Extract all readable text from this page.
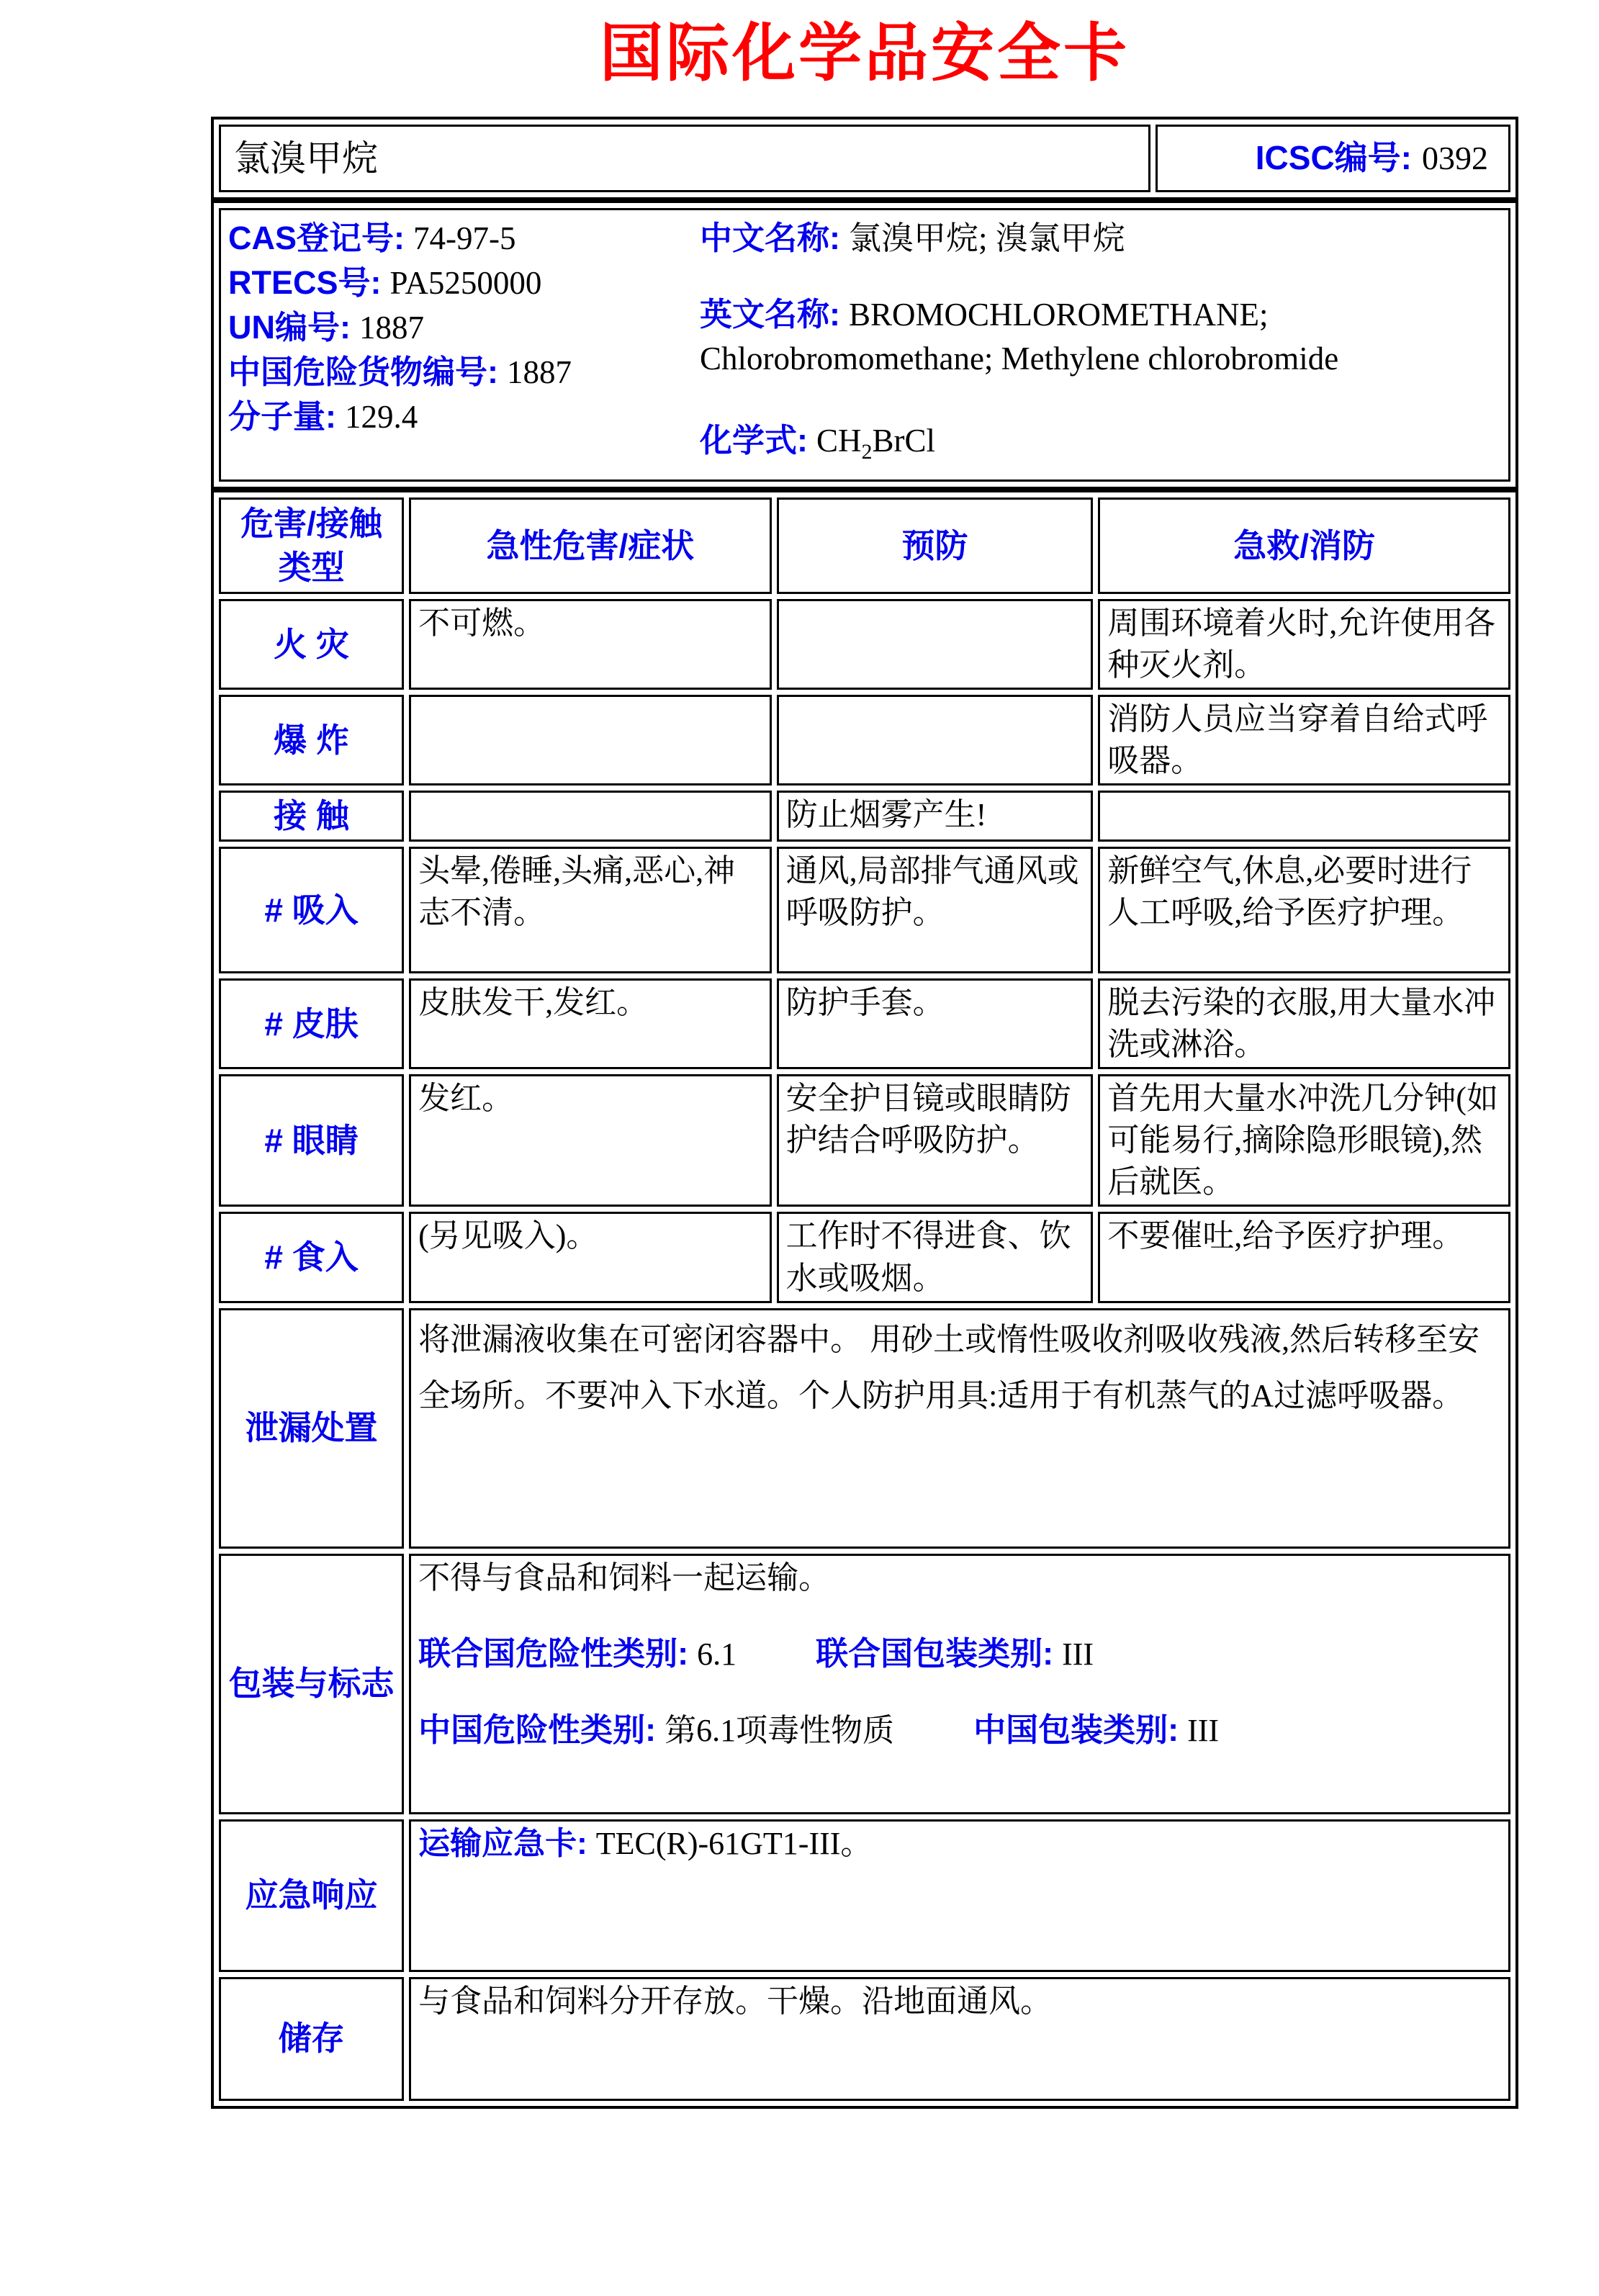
国际化学品安全卡
氯溴甲烷	ICSC编号: 0392
CAS登记号: 74-97-5
RTECS号: PA5250000
UN编号: 1887
中国危险货物编号: 1887
分子量: 129.4
中文名称: 氯溴甲烷; 溴氯甲烷
英文名称: BROMOCHLOROMETHANE;
Chlorobromomethane; Methylene chlorobromide
化学式: $CH_2BrCl$
危害/接触
类型	急性危害/症状	预防	急救/消防
火 灾	不可燃。		周围环境着火时,允许使用各种灭火剂。
爆 炸			消防人员应当穿着自给式呼吸器。
接 触		防止烟雾产生!	
# 吸入	头晕,倦睡,头痛,恶心,神志不清。	通风,局部排气通风或呼吸防护。	新鲜空气,休息,必要时进行人工呼吸,给予医疗护理。
# 皮肤	皮肤发干,发红。	防护手套。	脱去污染的衣服,用大量水冲洗或淋浴。
# 眼睛	发红。	安全护目镜或眼睛防护结合呼吸防护。	首先用大量水冲洗几分钟(如可能易行,摘除隐形眼镜),然后就医。
# 食入	(另见吸入)。	工作时不得进食、饮水或吸烟。	不要催吐,给予医疗护理。
泄漏处置	将泄漏液收集在可密闭容器中。 用砂土或惰性吸收剂吸收残液,然后转移至安全场所。不要冲入下水道。个人防护用具:适用于有机蒸气的A过滤呼吸器。		
包装与标志	不得与食品和饲料一起运输。
联合国危险性类别: 6.1 联合国包装类别: III
中国危险性类别: 第6.1项毒性物质 中国包装类别: III		

应急响应	运输应急卡: TEC(R)-61GT1-III。		
储存	与食品和饲料分开存放。干燥。沿地面通风。		
